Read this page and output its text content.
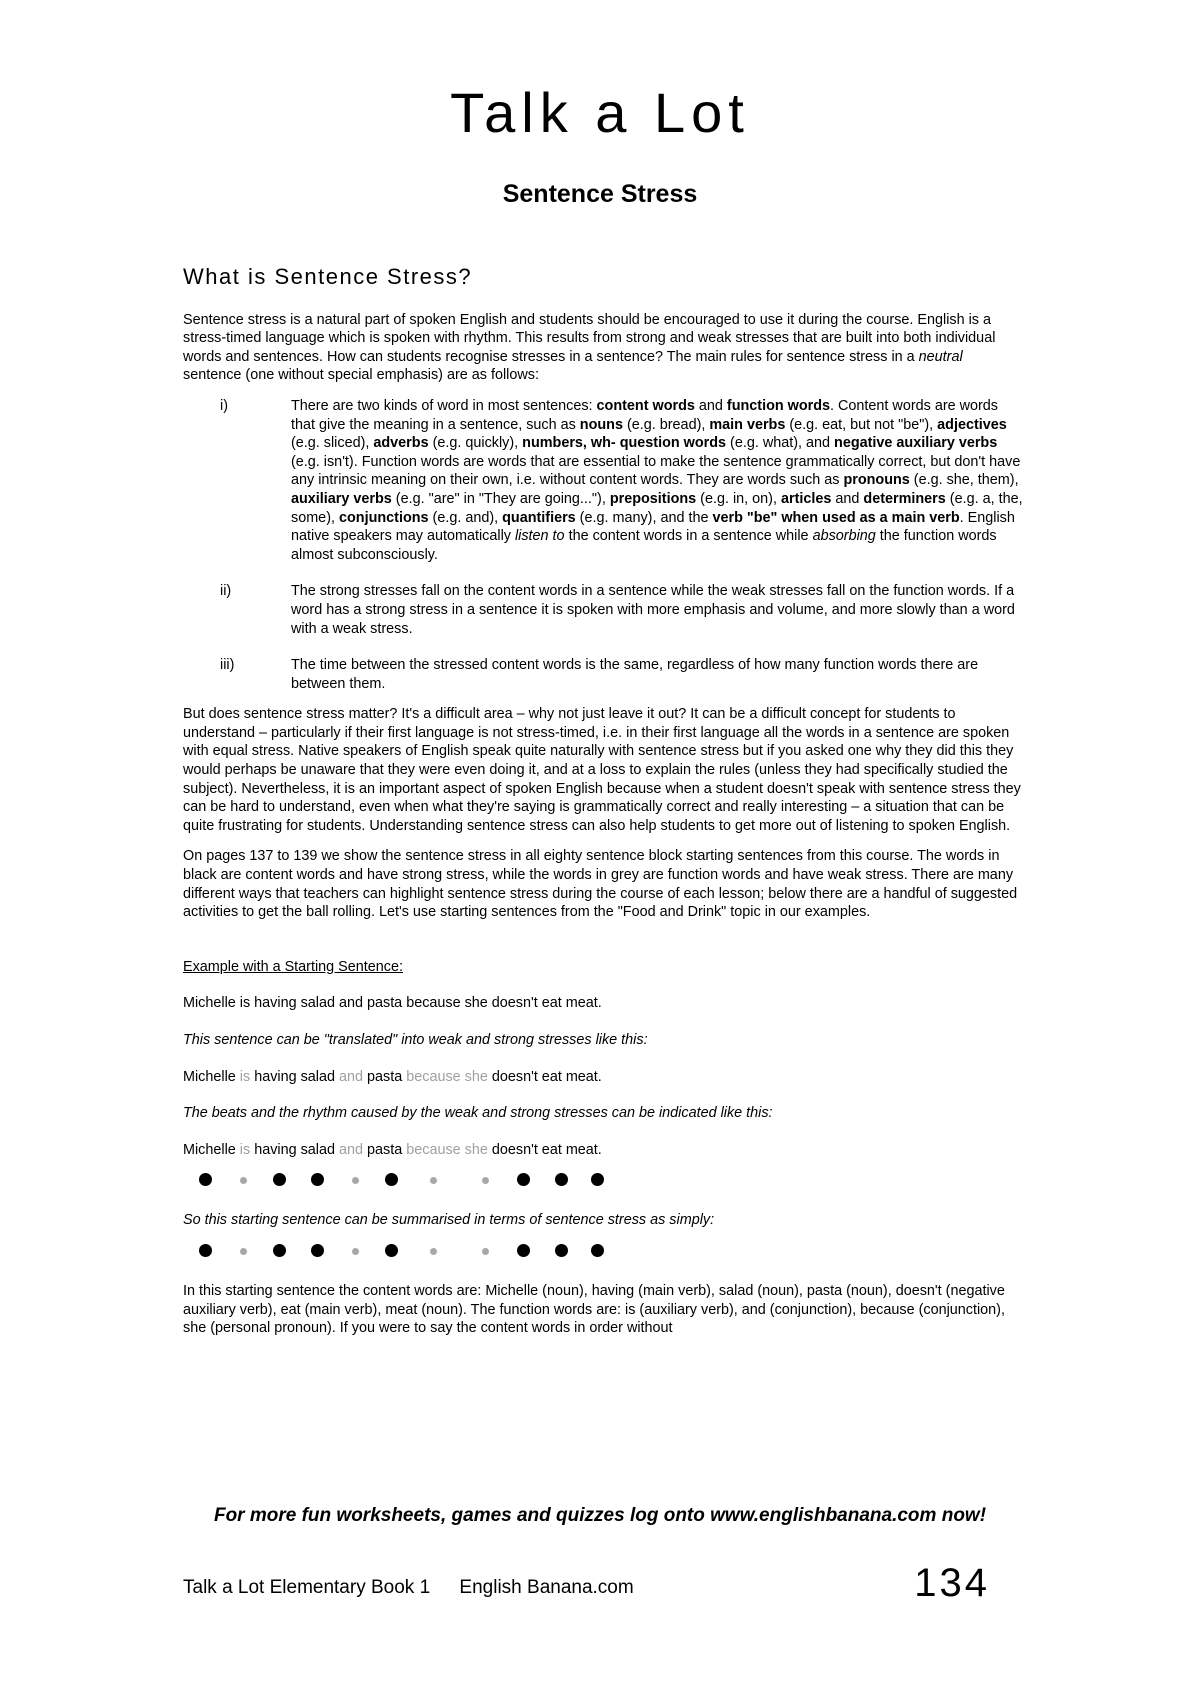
Talk a Lot
Sentence Stress
What is Sentence Stress?

Sentence stress is a natural part of spoken English and students should be encouraged to use it during the course. English is a stress-timed language which is spoken with rhythm. This results from strong and weak stresses that are built into both individual words and sentences. How can students recognise stresses in a sentence? The main rules for sentence stress in a neutral sentence (one without special emphasis) are as follows:

i)	There are two kinds of word in most sentences: content words and function words. Content words are words that give the meaning in a sentence, such as nouns (e.g. bread), main verbs (e.g. eat, but not "be"), adjectives (e.g. sliced), adverbs (e.g. quickly), numbers, wh- question words (e.g. what), and negative auxiliary verbs (e.g. isn't). Function words are words that are essential to make the sentence grammatically correct, but don't have any intrinsic meaning on their own, i.e. without content words. They are words such as pronouns (e.g. she, them), auxiliary verbs (e.g. "are" in "They are going..."), prepositions (e.g. in, on), articles and determiners (e.g. a, the, some), conjunctions (e.g. and), quantifiers (e.g. many), and the verb "be" when used as a main verb. English native speakers may automatically listen to the content words in a sentence while absorbing the function words almost subconsciously.
ii)	The strong stresses fall on the content words in a sentence while the weak stresses fall on the function words. If a word has a strong stress in a sentence it is spoken with more emphasis and volume, and more slowly than a word with a weak stress.
iii)	The time between the stressed content words is the same, regardless of how many function words there are between them.

But does sentence stress matter? It's a difficult area – why not just leave it out? It can be a difficult concept for students to understand – particularly if their first language is not stress-timed, i.e. in their first language all the words in a sentence are spoken with equal stress. Native speakers of English speak quite naturally with sentence stress but if you asked one why they did this they would perhaps be unaware that they were even doing it, and at a loss to explain the rules (unless they had specifically studied the subject). Nevertheless, it is an important aspect of spoken English because when a student doesn't speak with sentence stress they can be hard to understand, even when what they're saying is grammatically correct and really interesting – a situation that can be quite frustrating for students. Understanding sentence stress can also help students to get more out of listening to spoken English.

On pages 137 to 139 we show the sentence stress in all eighty sentence block starting sentences from this course. The words in black are content words and have strong stress, while the words in grey are function words and have weak stress. There are many different ways that teachers can highlight sentence stress during the course of each lesson; below there are a handful of suggested activities to get the ball rolling. Let's use starting sentences from the "Food and Drink" topic in our examples.

Example with a Starting Sentence:
Michelle is having salad and pasta because she doesn't eat meat.
This sentence can be "translated" into weak and strong stresses like this:
Michelle is having salad and pasta because she doesn't eat meat.
The beats and the rhythm caused by the weak and strong stresses can be indicated like this:
Michelle is having salad and pasta because she doesn't eat meat.
So this starting sentence can be summarised in terms of sentence stress as simply:

In this starting sentence the content words are: Michelle (noun), having (main verb), salad (noun), pasta (noun), doesn't (negative auxiliary verb), eat (main verb), meat (noun). The function words are: is (auxiliary verb), and (conjunction), because (conjunction), she (personal pronoun). If you were to say the content words in order without

For more fun worksheets, games and quizzes log onto www.englishbanana.com now!
Talk a Lot Elementary Book 1 English Banana.com	134
